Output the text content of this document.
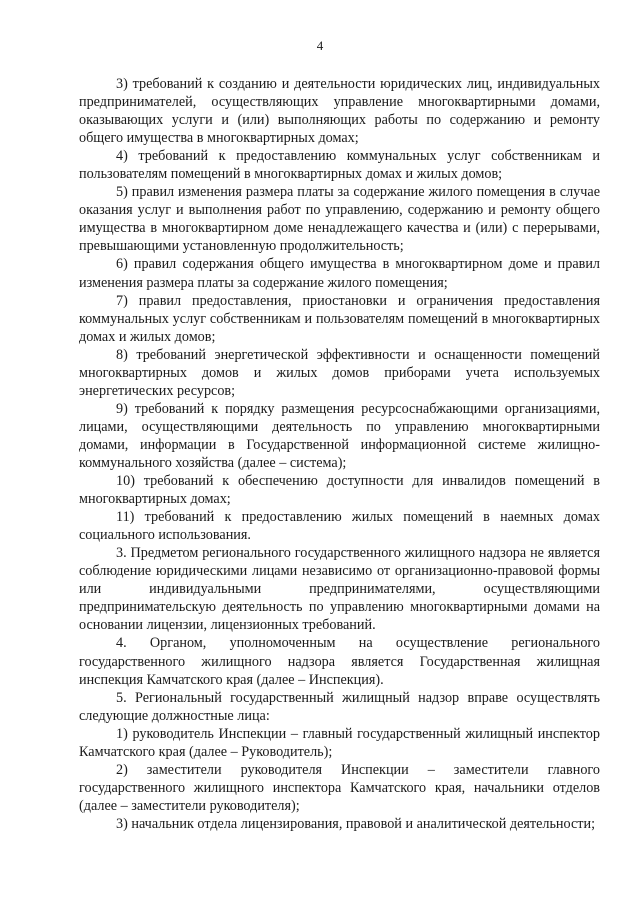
4

3) требований к созданию и деятельности юридических лиц, индивидуальных предпринимателей, осуществляющих управление многоквартирными домами, оказывающих услуги и (или) выполняющих работы по содержанию и ремонту общего имущества в многоквартирных домах;

4) требований к предоставлению коммунальных услуг собственникам и пользователям помещений в многоквартирных домах и жилых домов;

5) правил изменения размера платы за содержание жилого помещения в случае оказания услуг и выполнения работ по управлению, содержанию и ремонту общего имущества в многоквартирном доме ненадлежащего качества и (или) с перерывами, превышающими установленную продолжительность;

6) правил содержания общего имущества в многоквартирном доме и правил изменения размера платы за содержание жилого помещения;

7) правил предоставления, приостановки и ограничения предоставления коммунальных услуг собственникам и пользователям помещений в многоквартирных домах и жилых домов;

8) требований энергетической эффективности и оснащенности помещений многоквартирных домов и жилых домов приборами учета используемых энергетических ресурсов;

9) требований к порядку размещения ресурсоснабжающими организациями, лицами, осуществляющими деятельность по управлению многоквартирными домами, информации в Государственной информационной системе жилищно-коммунального хозяйства (далее – система);

10) требований к обеспечению доступности для инвалидов помещений в многоквартирных домах;

11) требований к предоставлению жилых помещений в наемных домах социального использования.

3. Предметом регионального государственного жилищного надзора не является соблюдение юридическими лицами независимо от организационно-правовой формы или индивидуальными предпринимателями, осуществляющими предпринимательскую деятельность по управлению многоквартирными домами на основании лицензии, лицензионных требований.

4. Органом, уполномоченным на осуществление регионального государственного жилищного надзора является Государственная жилищная инспекция Камчатского края (далее – Инспекция).

5. Региональный государственный жилищный надзор вправе осуществлять следующие должностные лица:

1) руководитель Инспекции – главный государственный жилищный инспектор Камчатского края (далее – Руководитель);

2) заместители руководителя Инспекции – заместители главного государственного жилищного инспектора Камчатского края, начальники отделов (далее – заместители руководителя);

3) начальник отдела лицензирования, правовой и аналитической деятельности;
